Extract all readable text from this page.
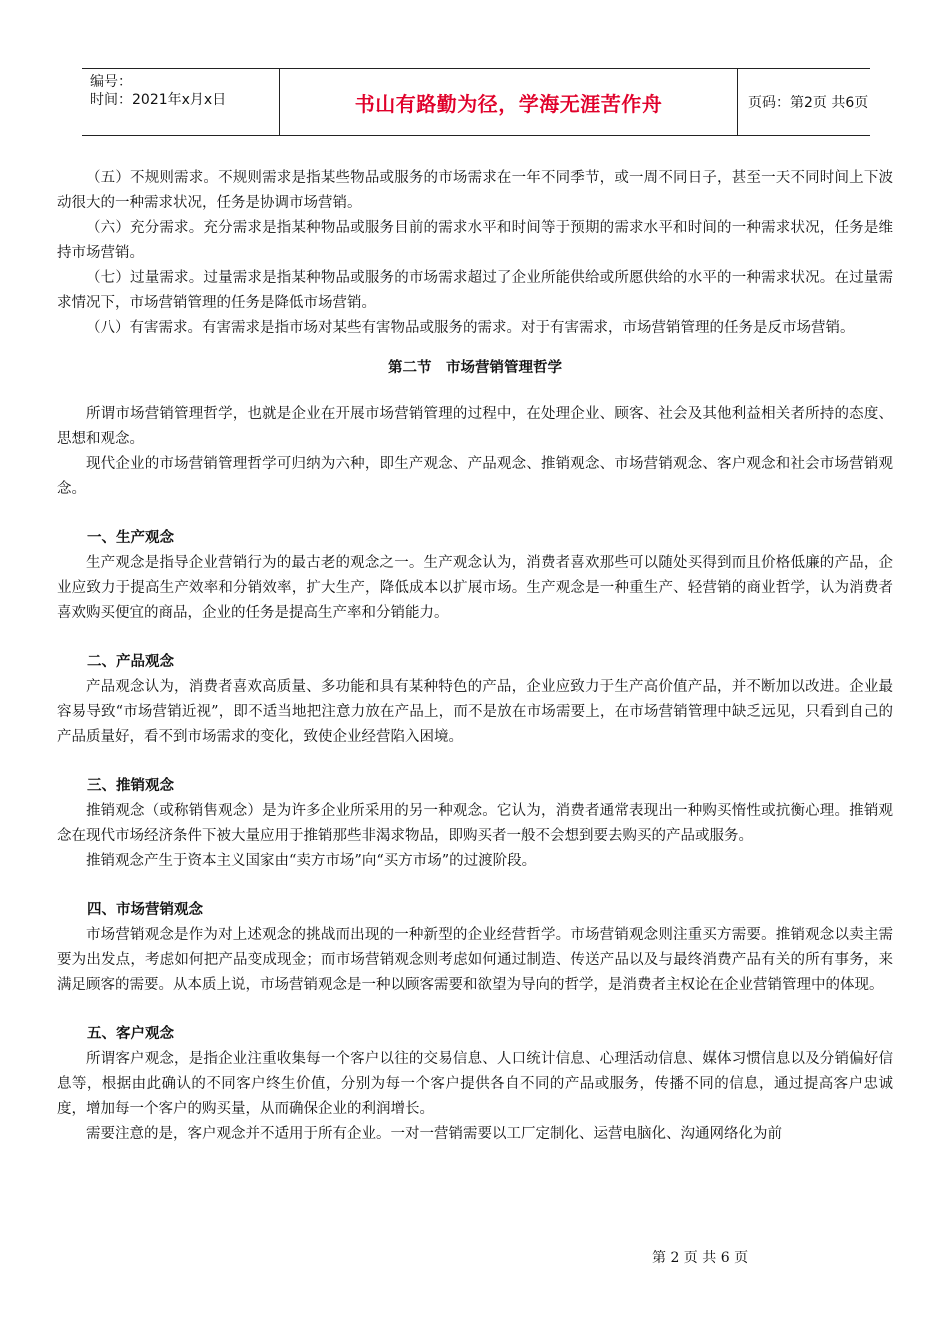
编号：
时间：2021年x月x日	书山有路勤为径，学海无涯苦作舟	页码：第2页 共6页

（五）不规则需求。不规则需求是指某些物品或服务的市场需求在一年不同季节，或一周不同日子，甚至一天不同时间上下波动很大的一种需求状况，任务是协调市场营销。

（六）充分需求。充分需求是指某种物品或服务目前的需求水平和时间等于预期的需求水平和时间的一种需求状况，任务是维持市场营销。

（七）过量需求。过量需求是指某种物品或服务的市场需求超过了企业所能供给或所愿供给的水平的一种需求状况。在过量需求情况下，市场营销管理的任务是降低市场营销。

（八）有害需求。有害需求是指市场对某些有害物品或服务的需求。对于有害需求，市场营销管理的任务是反市场营销。

第二节　市场营销管理哲学

所谓市场营销管理哲学，也就是企业在开展市场营销管理的过程中，在处理企业、顾客、社会及其他利益相关者所持的态度、思想和观念。

现代企业的市场营销管理哲学可归纳为六种，即生产观念、产品观念、推销观念、市场营销观念、客户观念和社会市场营销观念。

一、生产观念

生产观念是指导企业营销行为的最古老的观念之一。生产观念认为，消费者喜欢那些可以随处买得到而且价格低廉的产品，企业应致力于提高生产效率和分销效率，扩大生产，降低成本以扩展市场。生产观念是一种重生产、轻营销的商业哲学，认为消费者喜欢购买便宜的商品，企业的任务是提高生产率和分销能力。

二、产品观念

产品观念认为，消费者喜欢高质量、多功能和具有某种特色的产品，企业应致力于生产高价值产品，并不断加以改进。企业最容易导致“市场营销近视”，即不适当地把注意力放在产品上，而不是放在市场需要上，在市场营销管理中缺乏远见，只看到自己的产品质量好，看不到市场需求的变化，致使企业经营陷入困境。

三、推销观念

推销观念（或称销售观念）是为许多企业所采用的另一种观念。它认为，消费者通常表现出一种购买惰性或抗衡心理。推销观念在现代市场经济条件下被大量应用于推销那些非渴求物品，即购买者一般不会想到要去购买的产品或服务。

推销观念产生于资本主义国家由“卖方市场”向“买方市场”的过渡阶段。

四、市场营销观念

市场营销观念是作为对上述观念的挑战而出现的一种新型的企业经营哲学。市场营销观念则注重买方需要。推销观念以卖主需要为出发点，考虑如何把产品变成现金；而市场营销观念则考虑如何通过制造、传送产品以及与最终消费产品有关的所有事务，来满足顾客的需要。从本质上说，市场营销观念是一种以顾客需要和欲望为导向的哲学，是消费者主权论在企业营销管理中的体现。

五、客户观念

所谓客户观念，是指企业注重收集每一个客户以往的交易信息、人口统计信息、心理活动信息、媒体习惯信息以及分销偏好信息等，根据由此确认的不同客户终生价值，分别为每一个客户提供各自不同的产品或服务，传播不同的信息，通过提高客户忠诚度，增加每一个客户的购买量，从而确保企业的利润增长。

需要注意的是，客户观念并不适用于所有企业。一对一营销需要以工厂定制化、运营电脑化、沟通网络化为前

第 2 页 共 6 页
